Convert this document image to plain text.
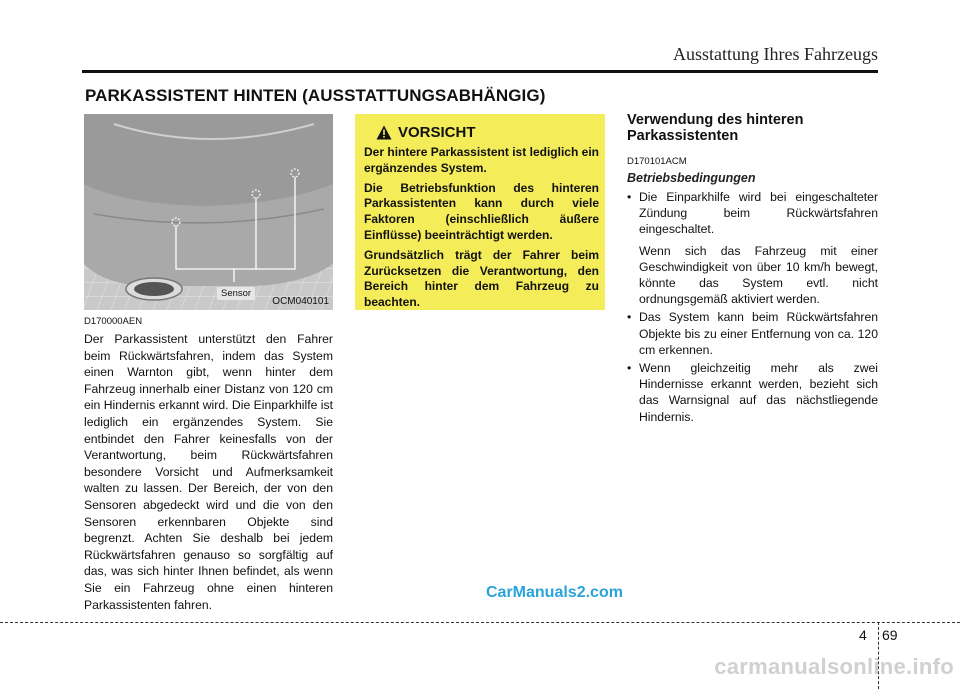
Ausstattung Ihres Fahrzeugs
PARKASSISTENT HINTEN (AUSSTATTUNGSABHÄNGIG)
Sensor
OCM040101

D170000AEN

Der Parkassistent unterstützt den Fahrer beim Rückwärtsfahren, indem das System einen Warnton gibt, wenn hinter dem Fahrzeug innerhalb einer Distanz von 120 cm ein Hindernis erkannt wird. Die Einparkhilfe ist lediglich ein ergänzendes System. Sie entbindet den Fahrer keinesfalls von der Verantwortung, beim Rückwärtsfahren besondere Vorsicht und Aufmerksamkeit walten zu lassen. Der Bereich, der von den Sensoren abgedeckt wird und die von den Sensoren erkennbaren Objekte sind begrenzt. Achten Sie deshalb bei jedem Rückwärtsfahren genauso so sorgfältig auf das, was sich hinter Ihnen befindet, als wenn Sie ein Fahrzeug ohne einen hinteren Parkassistenten fahren.

VORSICHT

Der hintere Parkassistent ist lediglich ein ergänzendes System.

Die Betriebsfunktion des hinteren Parkassistenten kann durch viele Faktoren (einschließlich äußere Einflüsse) beeinträchtigt werden.

Grundsätzlich trägt der Fahrer beim Zurücksetzen die Verantwortung, den Bereich hinter dem Fahrzeug zu beachten.

Verwendung des hinteren Parkassistenten

D170101ACM

Betriebsbedingungen

• Die Einparkhilfe wird bei eingeschalteter Zündung beim Rückwärtsfahren eingeschaltet.
Wenn sich das Fahrzeug mit einer Geschwindigkeit von über 10 km/h bewegt, könnte das System evtl. nicht ordnungsgemäß aktiviert werden.
• Das System kann beim Rückwärtsfahren Objekte bis zu einer Entfernung von ca. 120 cm erkennen.
• Wenn gleichzeitig mehr als zwei Hindernisse erkannt werden, bezieht sich das Warnsignal auf das nächstliegende Hindernis.
CarManuals2.com
4 69
carmanualsonline.info
